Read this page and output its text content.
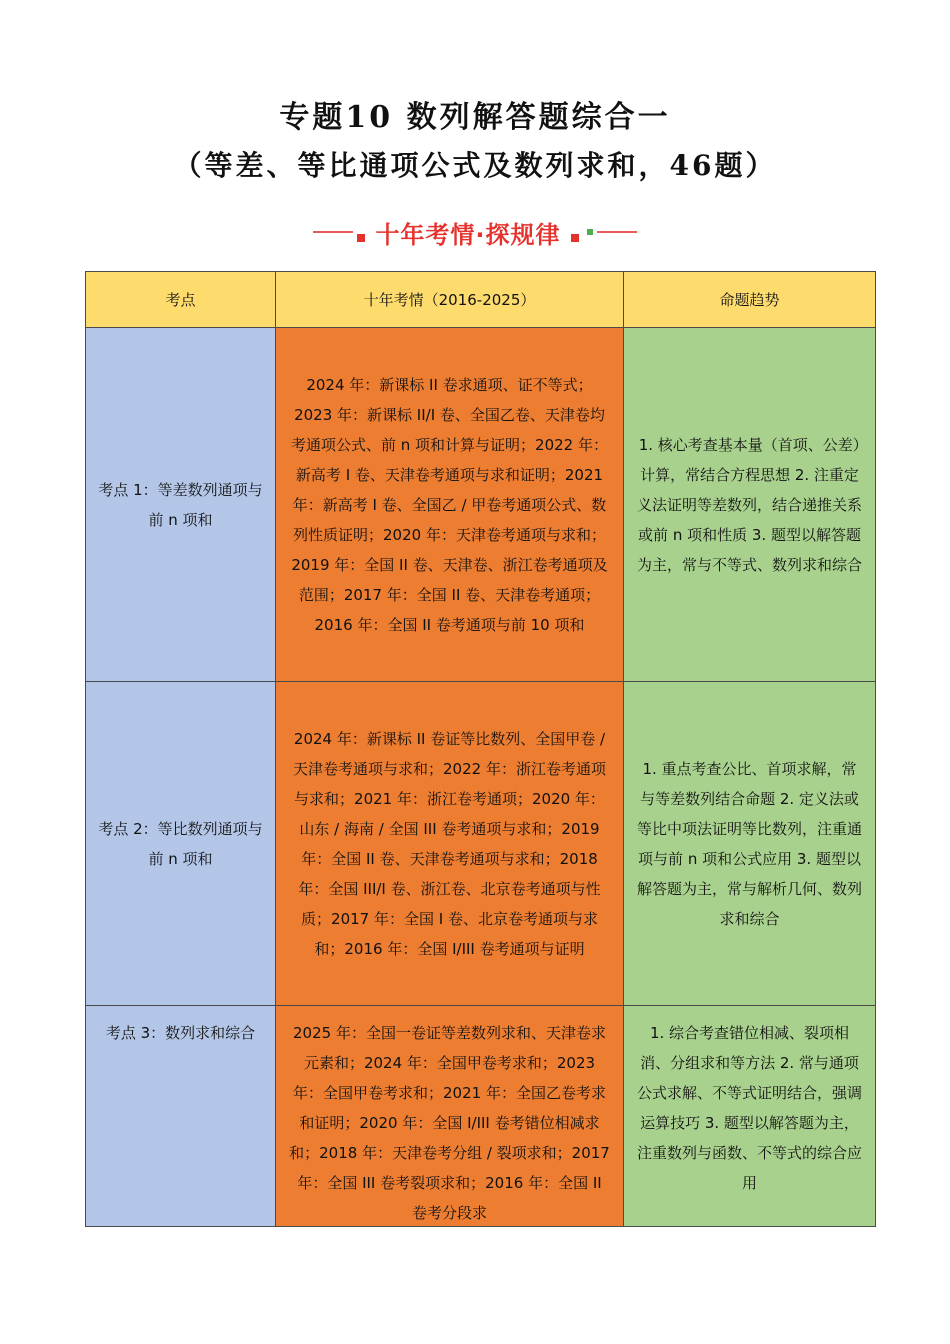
专题10 数列解答题综合一
（等差、等比通项公式及数列求和，46题）
十年考情·探规律
考点	十年考情（2016-2025）	命题趋势

考点 1：等差数列通项与前 n 项和	2024 年：新课标 II 卷求通项、证不等式；2023 年：新课标 II/I 卷、全国乙卷、天津卷均考通项公式、前 n 项和计算与证明；2022 年：新高考 I 卷、天津卷考通项与求和证明；2021 年：新高考 I 卷、全国乙 / 甲卷考通项公式、数列性质证明；2020 年：天津卷考通项与求和；2019 年：全国 II 卷、天津卷、浙江卷考通项及范围；2017 年：全国 II 卷、天津卷考通项；2016 年：全国 II 卷考通项与前 10 项和	1. 核心考查基本量（首项、公差）计算，常结合方程思想 2. 注重定义法证明等差数列，结合递推关系或前 n 项和性质 3. 题型以解答题为主，常与不等式、数列求和综合

考点 2：等比数列通项与前 n 项和	2024 年：新课标 II 卷证等比数列、全国甲卷 / 天津卷考通项与求和；2022 年：浙江卷考通项与求和；2021 年：浙江卷考通项；2020 年：山东 / 海南 / 全国 III 卷考通项与求和；2019 年：全国 II 卷、天津卷考通项与求和；2018 年：全国 III/I 卷、浙江卷、北京卷考通项与性质；2017 年：全国 I 卷、北京卷考通项与求和；2016 年：全国 I/III 卷考通项与证明	1. 重点考查公比、首项求解，常与等差数列结合命题 2. 定义法或等比中项法证明等比数列，注重通项与前 n 项和公式应用 3. 题型以解答题为主，常与解析几何、数列求和综合

考点 3：数列求和综合	2025 年：全国一卷证等差数列求和、天津卷求元素和；2024 年：全国甲卷考求和；2023 年：全国甲卷考求和；2021 年：全国乙卷考求和证明；2020 年：全国 I/III 卷考错位相减求和；2018 年：天津卷考分组 / 裂项求和；2017 年：全国 III 卷考裂项求和；2016 年：全国 II 卷考分段求	1. 综合考查错位相减、裂项相消、分组求和等方法 2. 常与通项公式求解、不等式证明结合，强调运算技巧 3. 题型以解答题为主，注重数列与函数、不等式的综合应用
